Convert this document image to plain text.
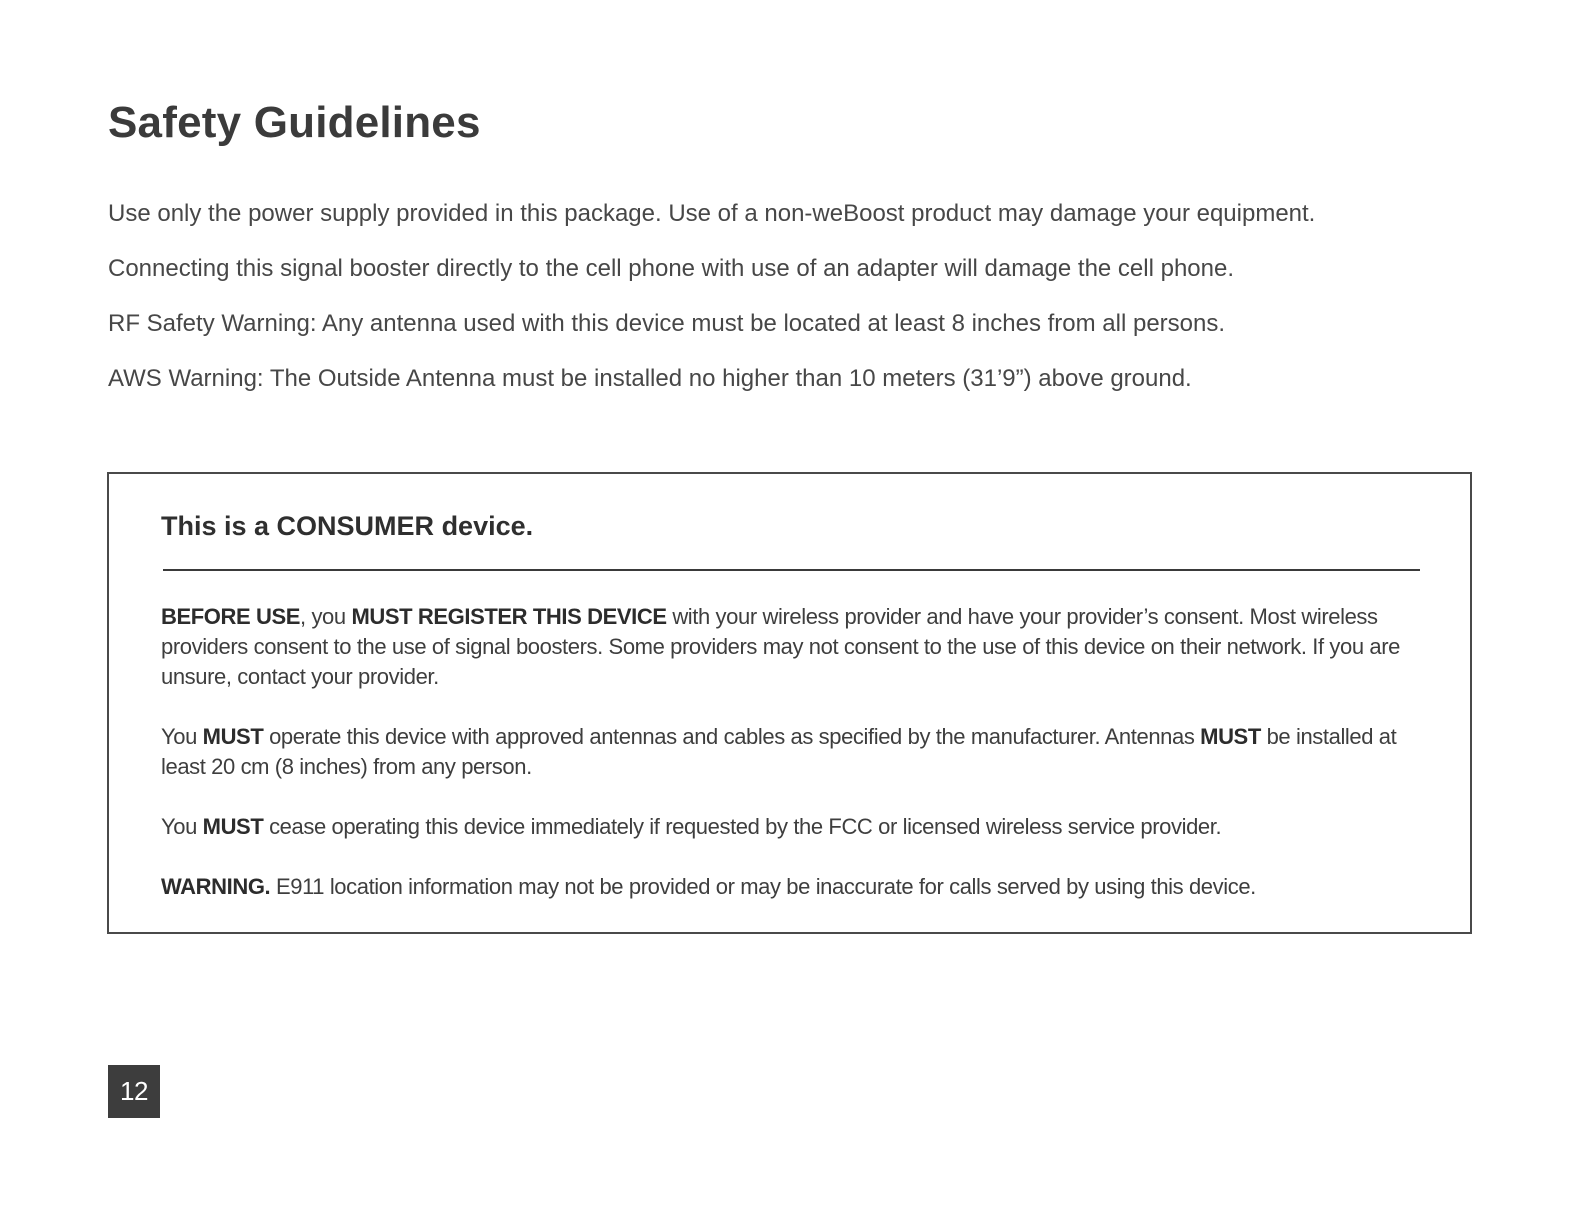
Safety Guidelines

Use only the power supply provided in this package. Use of a non-weBoost product may damage your equipment.

Connecting this signal booster directly to the cell phone with use of an adapter will damage the cell phone.

RF Safety Warning: Any antenna used with this device must be located at least 8 inches from all persons.

AWS Warning: The Outside Antenna must be installed no higher than 10 meters (31’9”) above ground.

This is a CONSUMER device.

BEFORE USE, you MUST REGISTER THIS DEVICE with your wireless provider and have your provider’s consent. Most wireless providers consent to the use of signal boosters. Some providers may not consent to the use of this device on their network. If you are unsure, contact your provider.

You MUST operate this device with approved antennas and cables as specified by the manufacturer. Antennas MUST be installed at least 20 cm (8 inches) from any person.

You MUST cease operating this device immediately if requested by the FCC or licensed wireless service provider.

WARNING. E911 location information may not be provided or may be inaccurate for calls served by using this device.

12
